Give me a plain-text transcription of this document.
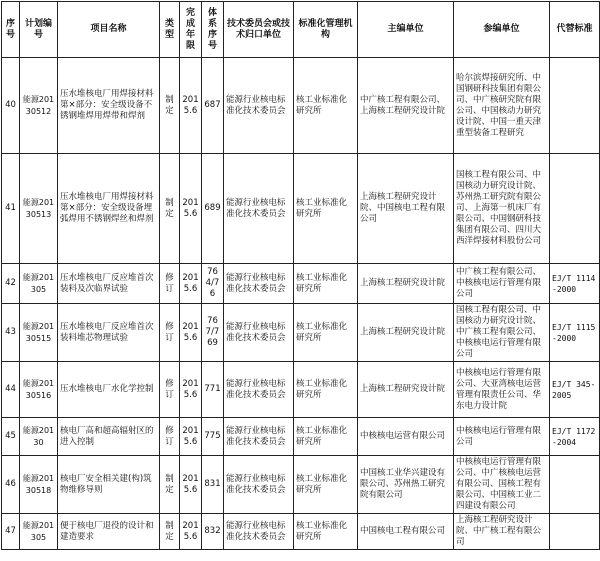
序号	计划编号	项目名称	类型	完成年限	体系序号	技术委员会或技术归口单位	标准化管理机构	主编单位	参编单位	代替标准
40	能源20130512	压水堆核电厂用焊接材料 第×部分：安全级设备不锈钢堆焊用焊带和焊剂	制定	2015.6	687	能源行业核电标准化技术委员会	核工业标准化研究所	中广核工程有限公司、上海核工程研究设计院	哈尔滨焊接研究所、中国钢研科技集团有限公司、中广核研究院有限公司、中国核动力研究设计院、中国一重天津重型装备工程研究	
41	能源20130513	压水堆核电厂用焊接材料 第×部分：安全级设备埋弧焊用不锈钢焊丝和焊剂	制定	2015.6	689	能源行业核电标准化技术委员会	核工业标准化研究所	上海核工程研究设计院、中国核电工程有限公司	国核工程有限公司、中国核动力研究设计院、苏州热工研究院有限公司、上海第一机床厂有限公司、中国钢研科技集团有限公司、四川大西洋焊接材料股份公司	
42	能源201305	压水堆核电厂反应堆首次装料及次临界试验	修订	2015.6	764/76	能源行业核电标准化技术委员会	核工业标准化研究所	上海核工程研究设计院	中广核工程有限公司、中核核电运行管理有限公司	EJ/T 1114-2000
43	能源20130515	压水堆核电厂反应堆首次装料堆芯物理试验	修订	2015.6	767/769	能源行业核电标准化技术委员会	核工业标准化研究所	上海核工程研究设计院	国核工程有限公司、中国核动力研究设计院、中广核工程有限公司、中核核电运行管理有限公司	EJ/T 1115-2000
44	能源20130516	压水堆核电厂水化学控制	修订	2015.6	771	能源行业核电标准化技术委员会	核工业标准化研究所	上海核工程研究设计院	中核核电运行管理有限公司、大亚湾核电运营管理有限责任公司、华东电力设计院	EJ/T 345-2005
45	能源20130	核电厂高和超高辐射区的进入控制	修订	2015.6	775	能源行业核电标准化技术委员会	核工业标准化研究所	中核核电运营有限公司	中核核电运行管理有限公司	EJ/T 1172-2004
46	能源20130518	核电厂安全相关建(构)筑物维修导则	制定	2015.6	831	能源行业核电标准化技术委员会	核工业标准化研究所	中国核工业华兴建设有限公司、苏州热工研究院有限公司	中核核电运行管理有限公司、中广核核电运营有限公司、国核工程有限公司、中国核工业二四建设有限公司	
47	能源201305	便于核电厂退役的设计和建造要求	制定	2015.6	832	能源行业核电标准化技术委员会	核工业标准化研究所	中国核电工程有限公司	上海核工程研究设计院、中广核工程有限公司	
